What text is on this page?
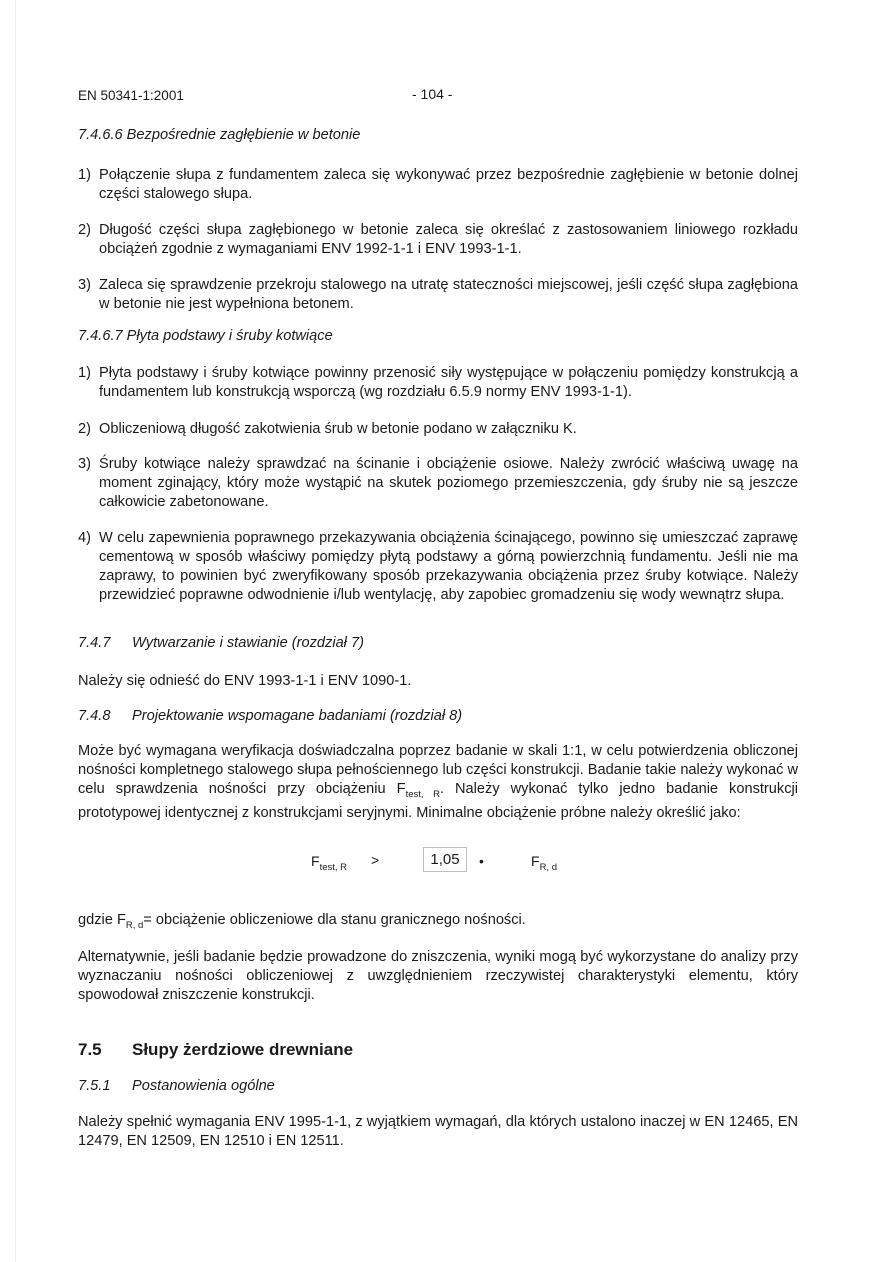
EN 50341-1:2001	- 104 -
7.4.6.6 Bezpośrednie zagłębienie w betonie
1) Połączenie słupa z fundamentem zaleca się wykonywać przez bezpośrednie zagłębienie w betonie dolnej części stalowego słupa.
2) Długość części słupa zagłębionego w betonie zaleca się określać z zastosowaniem liniowego rozkładu obciążeń zgodnie z wymaganiami ENV 1992-1-1 i ENV 1993-1-1.
3) Zaleca się sprawdzenie przekroju stalowego na utratę stateczności miejscowej, jeśli część słupa zagłębiona w betonie nie jest wypełniona betonem.
7.4.6.7 Płyta podstawy i śruby kotwiące
1) Płyta podstawy i śruby kotwiące powinny przenosić siły występujące w połączeniu pomiędzy konstrukcją a fundamentem lub konstrukcją wsporczą (wg rozdziału 6.5.9 normy ENV 1993-1-1).
2) Obliczeniową długość zakotwienia śrub w betonie podano w załączniku K.
3) Śruby kotwiące należy sprawdzać na ścinanie i obciążenie osiowe. Należy zwrócić właściwą uwagę na moment zginający, który może wystąpić na skutek poziomego przemieszczenia, gdy śruby nie są jeszcze całkowicie zabetonowane.
4) W celu zapewnienia poprawnego przekazywania obciążenia ścinającego, powinno się umieszczać zaprawę cementową w sposób właściwy pomiędzy płytą podstawy a górną powierzchnią fundamentu. Jeśli nie ma zaprawy, to powinien być zweryfikowany sposób przekazywania obciążenia przez śruby kotwiące. Należy przewidzieć poprawne odwodnienie i/lub wentylację, aby zapobiec gromadzeniu się wody wewnątrz słupa.
7.4.7 Wytwarzanie i stawianie (rozdział 7)
Należy się odnieść do ENV 1993-1-1 i ENV 1090-1.
7.4.8 Projektowanie wspomagane badaniami (rozdział 8)
Może być wymagana weryfikacja doświadczalna poprzez badanie w skali 1:1, w celu potwierdzenia obliczonej nośności kompletnego stalowego słupa pełnościennego lub części konstrukcji. Badanie takie należy wykonać w celu sprawdzenia nośności przy obciążeniu $F_{test, R}$. Należy wykonać tylko jedno badanie konstrukcji prototypowej identycznej z konstrukcjami seryjnymi. Minimalne obciążenie próbne należy określić jako:
$F_{test, R}$ >	1,05	•	$F_{R, d}$
gdzie $F_{R, d}=$ obciążenie obliczeniowe dla stanu granicznego nośności.
Alternatywnie, jeśli badanie będzie prowadzone do zniszczenia, wyniki mogą być wykorzystane do analizy przy wyznaczaniu nośności obliczeniowej z uwzględnieniem rzeczywistej charakterystyki elementu, który spowodował zniszczenie konstrukcji.
7.5 Słupy żerdziowe drewniane
7.5.1 Postanowienia ogólne
Należy spełnić wymagania ENV 1995-1-1, z wyjątkiem wymagań, dla których ustalono inaczej w EN 12465, EN 12479, EN 12509, EN 12510 i EN 12511.
